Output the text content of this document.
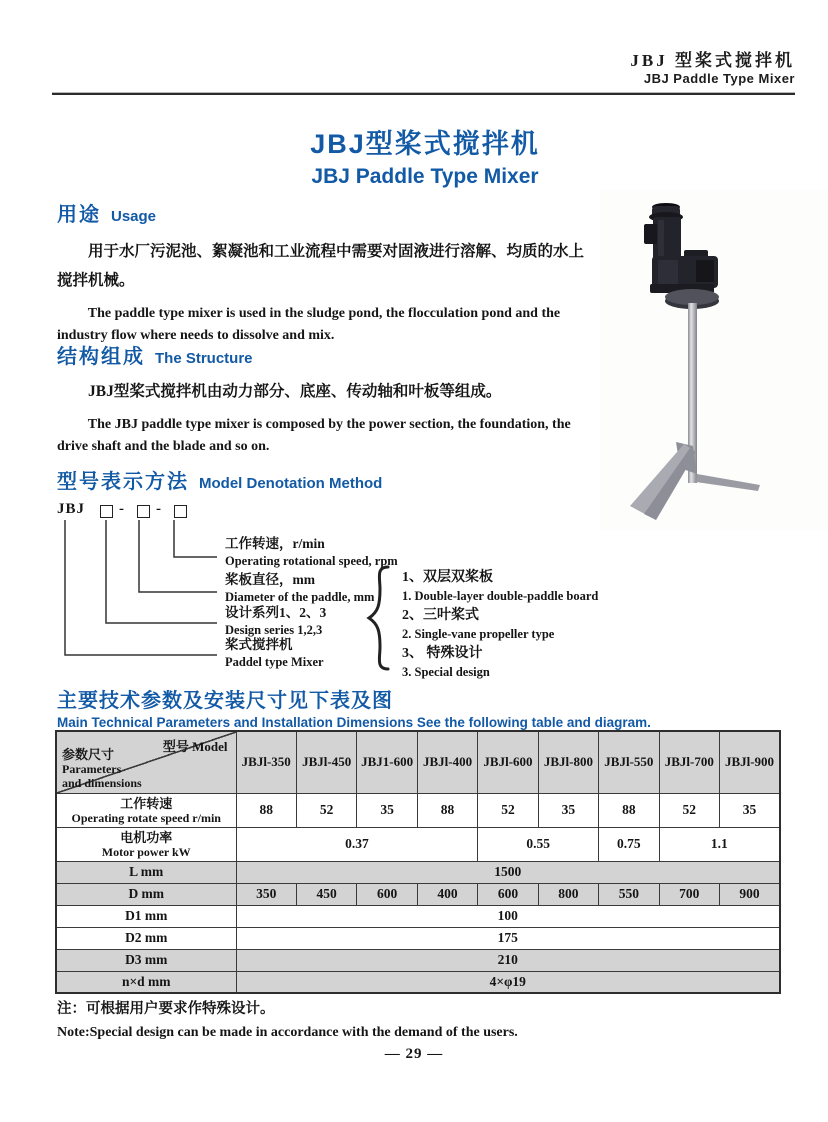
JBJ 型桨式搅拌机
JBJ Paddle Type Mixer
JBJ型桨式搅拌机
JBJ Paddle Type Mixer
用途 Usage

用于水厂污泥池、絮凝池和工业流程中需要对固液进行溶解、均质的水上搅拌机械。

The paddle type mixer is used in the sludge pond, the flocculation pond and the industry flow where needs to dissolve and mix.

结构组成 The Structure

JBJ型桨式搅拌机由动力部分、底座、传动轴和叶板等组成。

The JBJ paddle type mixer is composed by the power section, the foundation, the drive shaft and the blade and so on.

型号表示方法 Model Denotation Method
JBJ - -
工作转速，r/min
Operating rotational speed, rpm
桨板直径，mm
Diameter of the paddle, mm
设计系列1、2、3
Design series 1,2,3
桨式搅拌机
Paddel type Mixer
1、双层双桨板
1. Double-layer double-paddle board
2、三叶桨式
2. Single-vane propeller type
3、 特殊设计
3. Special design
主要技术参数及安装尺寸见下表及图
Main Technical Parameters and Installation Dimensions See the following table and diagram.
型号 Model
参数尺寸
Parameters
and dimensions	JBJl-350	JBJl-450	JBJ1-600	JBJl-400	JBJl-600	JBJl-800	JBJl-550	JBJl-700	JBJl-900

工作转速
Operating rotate speed r/min	88	52	35	88	52	35	88	52	35

电机功率
Motor power kW	0.37				0.55		0.75	1.1	
L mm	1500								
D mm	350	450	600	400	600	800	550	700	900
D1 mm	100								
D2 mm	175								
D3 mm	210								
n×d mm	4×φ19								
注：可根据用户要求作特殊设计。
Note:Special design can be made in accordance with the demand of the users.
— 29 —
